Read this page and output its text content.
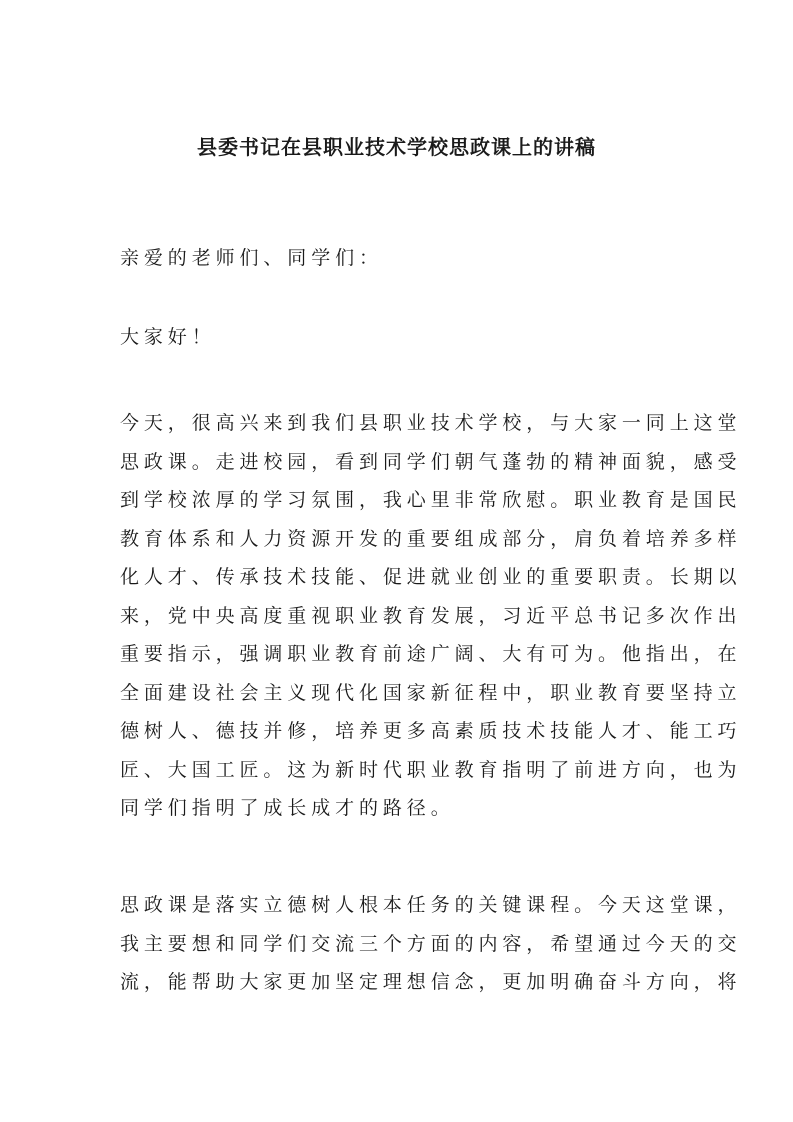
县委书记在县职业技术学校思政课上的讲稿
亲爱的老师们、同学们：
大家好！
今天，很高兴来到我们县职业技术学校，与大家一同上这堂
思政课。走进校园，看到同学们朝气蓬勃的精神面貌，感受
到学校浓厚的学习氛围，我心里非常欣慰。职业教育是国民
教育体系和人力资源开发的重要组成部分，肩负着培养多样
化人才、传承技术技能、促进就业创业的重要职责。长期以
来，党中央高度重视职业教育发展，习近平总书记多次作出
重要指示，强调职业教育前途广阔、大有可为。他指出，在
全面建设社会主义现代化国家新征程中，职业教育要坚持立
德树人、德技并修，培养更多高素质技术技能人才、能工巧
匠、大国工匠。这为新时代职业教育指明了前进方向，也为
同学们指明了成长成才的路径。
思政课是落实立德树人根本任务的关键课程。今天这堂课，
我主要想和同学们交流三个方面的内容，希望通过今天的交
流，能帮助大家更加坚定理想信念，更加明确奋斗方向，将
